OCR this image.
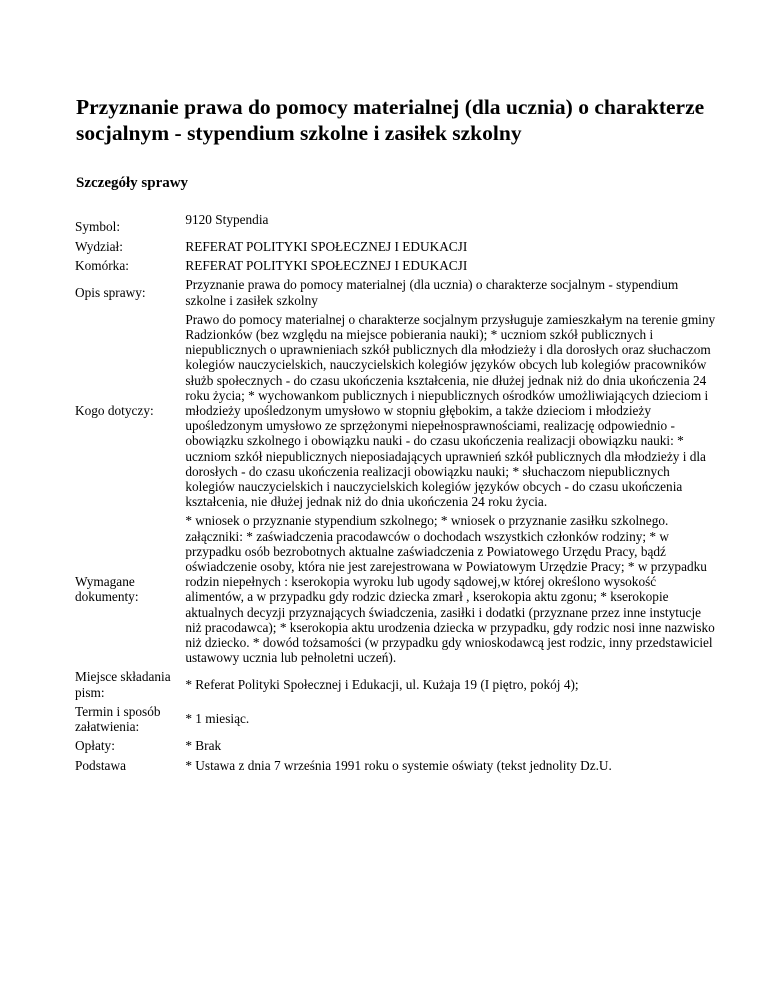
Przyznanie prawa do pomocy materialnej (dla ucznia) o charakterze socjalnym - stypendium szkolne i zasiłek szkolny
Szczegóły sprawy
Symbol:	9120 Stypendia
Wydział:	REFERAT POLITYKI SPOŁECZNEJ I EDUKACJI
Komórka:	REFERAT POLITYKI SPOŁECZNEJ I EDUKACJI
Opis sprawy:	Przyznanie prawa do pomocy materialnej (dla ucznia) o charakterze socjalnym - stypendium szkolne i zasiłek szkolny
Kogo dotyczy:	Prawo do pomocy materialnej o charakterze socjalnym przysługuje zamieszkałym na terenie gminy Radzionków (bez względu na miejsce pobierania nauki); * uczniom szkół publicznych i niepublicznych o uprawnieniach szkół publicznych dla młodzieży i dla dorosłych oraz słuchaczom kolegiów nauczycielskich, nauczycielskich kolegiów języków obcych lub kolegiów pracowników służb społecznych - do czasu ukończenia kształcenia, nie dłużej jednak niż do dnia ukończenia 24 roku życia; * wychowankom publicznych i niepublicznych ośrodków umożliwiających dzieciom i młodzieży upośledzonym umysłowo w stopniu głębokim, a także dzieciom i młodzieży upośledzonym umysłowo ze sprzężonymi niepełnosprawnościami, realizację odpowiednio - obowiązku szkolnego i obowiązku nauki - do czasu ukończenia realizacji obowiązku nauki: * uczniom szkół niepublicznych nieposiadających uprawnień szkół publicznych dla młodzieży i dla dorosłych - do czasu ukończenia realizacji obowiązku nauki; * słuchaczom niepublicznych kolegiów nauczycielskich i nauczycielskich kolegiów języków obcych - do czasu ukończenia kształcenia, nie dłużej jednak niż do dnia ukończenia 24 roku życia.
Wymagane dokumenty:	* wniosek o przyznanie stypendium szkolnego; * wniosek o przyznanie zasiłku szkolnego. załączniki: * zaświadczenia pracodawców o dochodach wszystkich członków rodziny; * w przypadku osób bezrobotnych aktualne zaświadczenia z Powiatowego Urzędu Pracy, bądź oświadczenie osoby, która nie jest zarejestrowana w Powiatowym Urzędzie Pracy; * w przypadku rodzin niepełnych : kserokopia wyroku lub ugody sądowej,w której określono wysokość alimentów, a w przypadku gdy rodzic dziecka zmarł , kserokopia aktu zgonu; * kserokopie aktualnych decyzji przyznających świadczenia, zasiłki i dodatki (przyznane przez inne instytucje niż pracodawca); * kserokopia aktu urodzenia dziecka w przypadku, gdy rodzic nosi inne nazwisko niż dziecko. * dowód tożsamości (w przypadku gdy wnioskodawcą jest rodzic, inny przedstawiciel ustawowy ucznia lub pełnoletni uczeń).
Miejsce składania pism:	* Referat Polityki Społecznej i Edukacji, ul. Kużaja 19 (I piętro, pokój 4);
Termin i sposób załatwienia:	* 1 miesiąc.
Opłaty:	* Brak
Podstawa	* Ustawa z dnia 7 września 1991 roku o systemie oświaty (tekst jednolity Dz.U.
